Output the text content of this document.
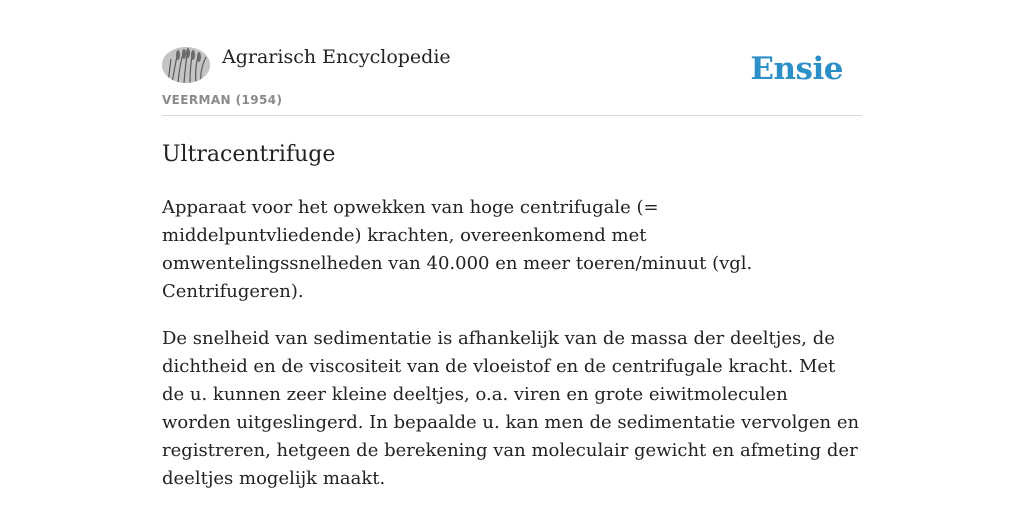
Agrarisch Encyclopedie
VEERMAN (1954)
Ensie
Ultracentrifuge

Apparaat voor het opwekken van hoge centrifugale (= middelpuntvliedende) krachten, overeenkomend met omwentelingssnelheden van 40.000 en meer toeren/minuut (vgl. Centrifugeren).

De snelheid van sedimentatie is afhankelijk van de massa der deeltjes, de dichtheid en de viscositeit van de vloeistof en de centrifugale kracht. Met de u. kunnen zeer kleine deeltjes, o.a. viren en grote eiwitmoleculen worden uitgeslingerd. In bepaalde u. kan men de sedimentatie vervolgen en registreren, hetgeen de berekening van moleculair gewicht en afmeting der deeltjes mogelijk maakt.
